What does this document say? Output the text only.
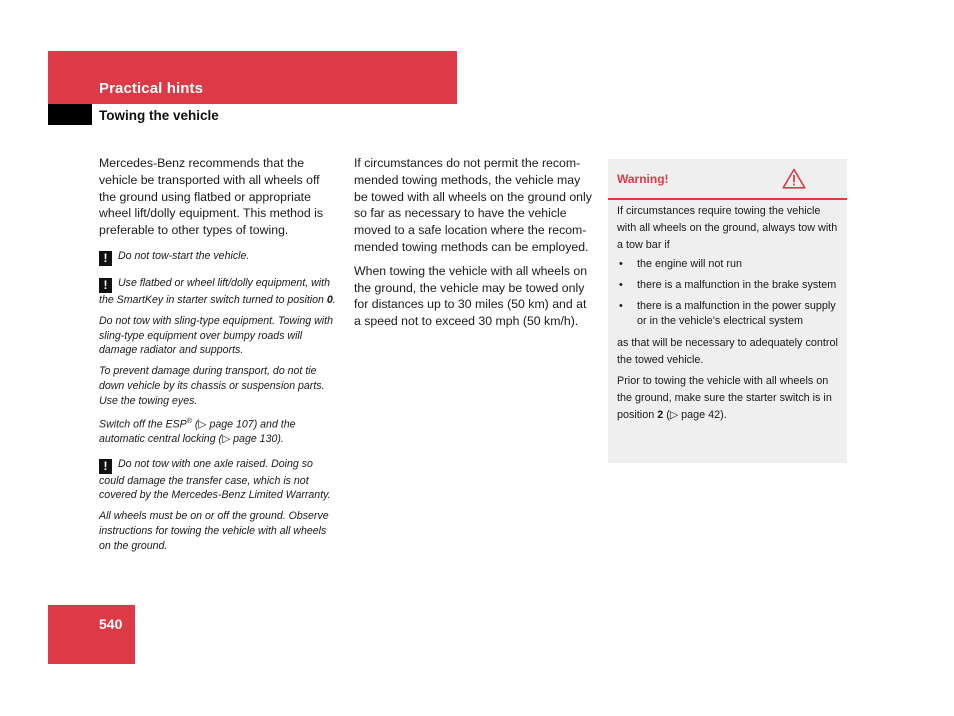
Practical hints
Towing the vehicle

Mercedes-Benz recommends that the vehicle be transported with all wheels off the ground using flatbed or appropriate wheel lift/dolly equipment. This method is preferable to other types of towing.

! Do not tow-start the vehicle.

! Use flatbed or wheel lift/dolly equipment, with the SmartKey in starter switch turned to position 0.

Do not tow with sling-type equipment. Towing with sling-type equipment over bumpy roads will damage radiator and supports.

To prevent damage during transport, do not tie down vehicle by its chassis or suspension parts. Use the towing eyes.

Switch off the ESP® (▷ page 107) and the automatic central locking (▷ page 130).

! Do not tow with one axle raised. Doing so could damage the transfer case, which is not covered by the Mercedes-Benz Limited Warranty.

All wheels must be on or off the ground. Observe instructions for towing the vehicle with all wheels on the ground.

If circumstances do not permit the recom-mended towing methods, the vehicle may be towed with all wheels on the ground only so far as necessary to have the vehicle moved to a safe location where the recom-mended towing methods can be employed.

When towing the vehicle with all wheels on the ground, the vehicle may be towed only for distances up to 30 miles (50 km) and at a speed not to exceed 30 mph (50 km/h).

Warning!

If circumstances require towing the vehicle with all wheels on the ground, always tow with a tow bar if

• the engine will not run
• there is a malfunction in the brake system
• there is a malfunction in the power supply or in the vehicle’s electrical system

as that will be necessary to adequately control the towed vehicle.

Prior to towing the vehicle with all wheels on the ground, make sure the starter switch is in position 2 (▷ page 42).

540
